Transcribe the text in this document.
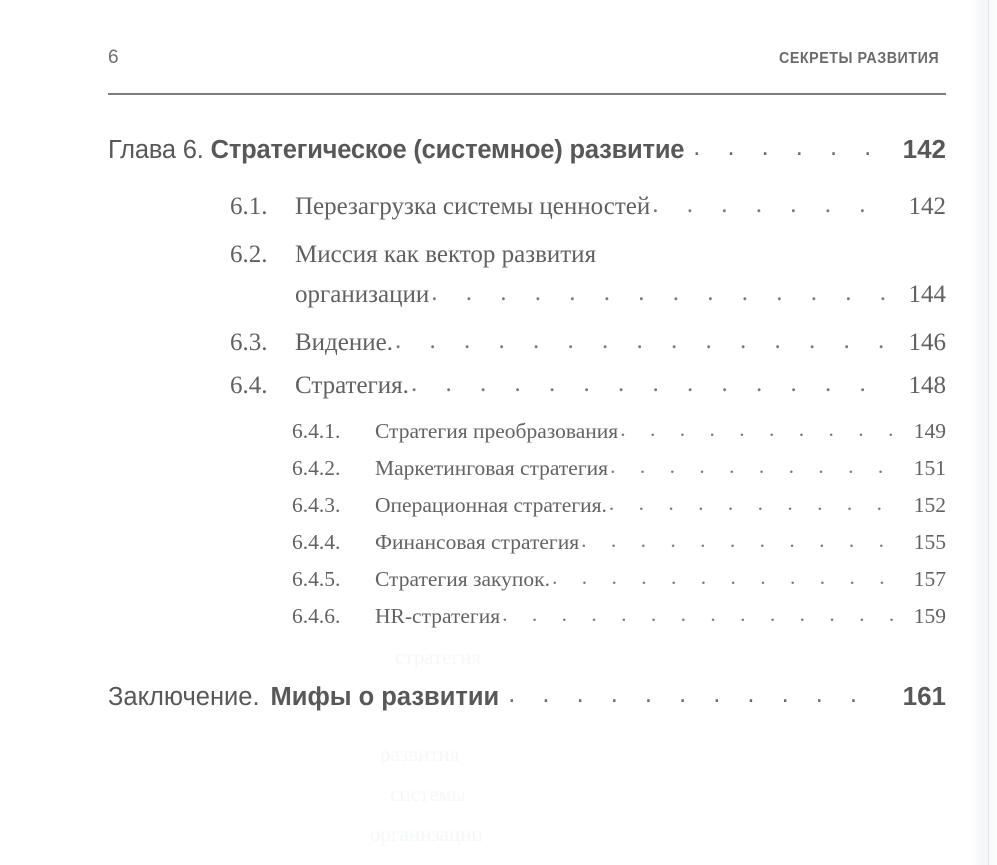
стратегия
развития
системы
организации
6	СЕКРЕТЫ РАЗВИТИЯ
Глава 6. Стратегическое (системное) развитие . . .	142
6.1.	Перезагрузка системы ценностей . . .	142
6.2.	Миссия как вектор развития
организации . . .	144
6.3.	Видение. . . .	146
6.4.	Стратегия. . . .	148
6.4.1.	Стратегия преобразования . . .	149
6.4.2.	Маркетинговая стратегия . . .	151
6.4.3.	Операционная стратегия. . . .	152
6.4.4.	Финансовая стратегия . . .	155
6.4.5.	Стратегия закупок. . . .	157
6.4.6.	HR-стратегия . . .	159
Заключение. Мифы о развитии . . .	161
